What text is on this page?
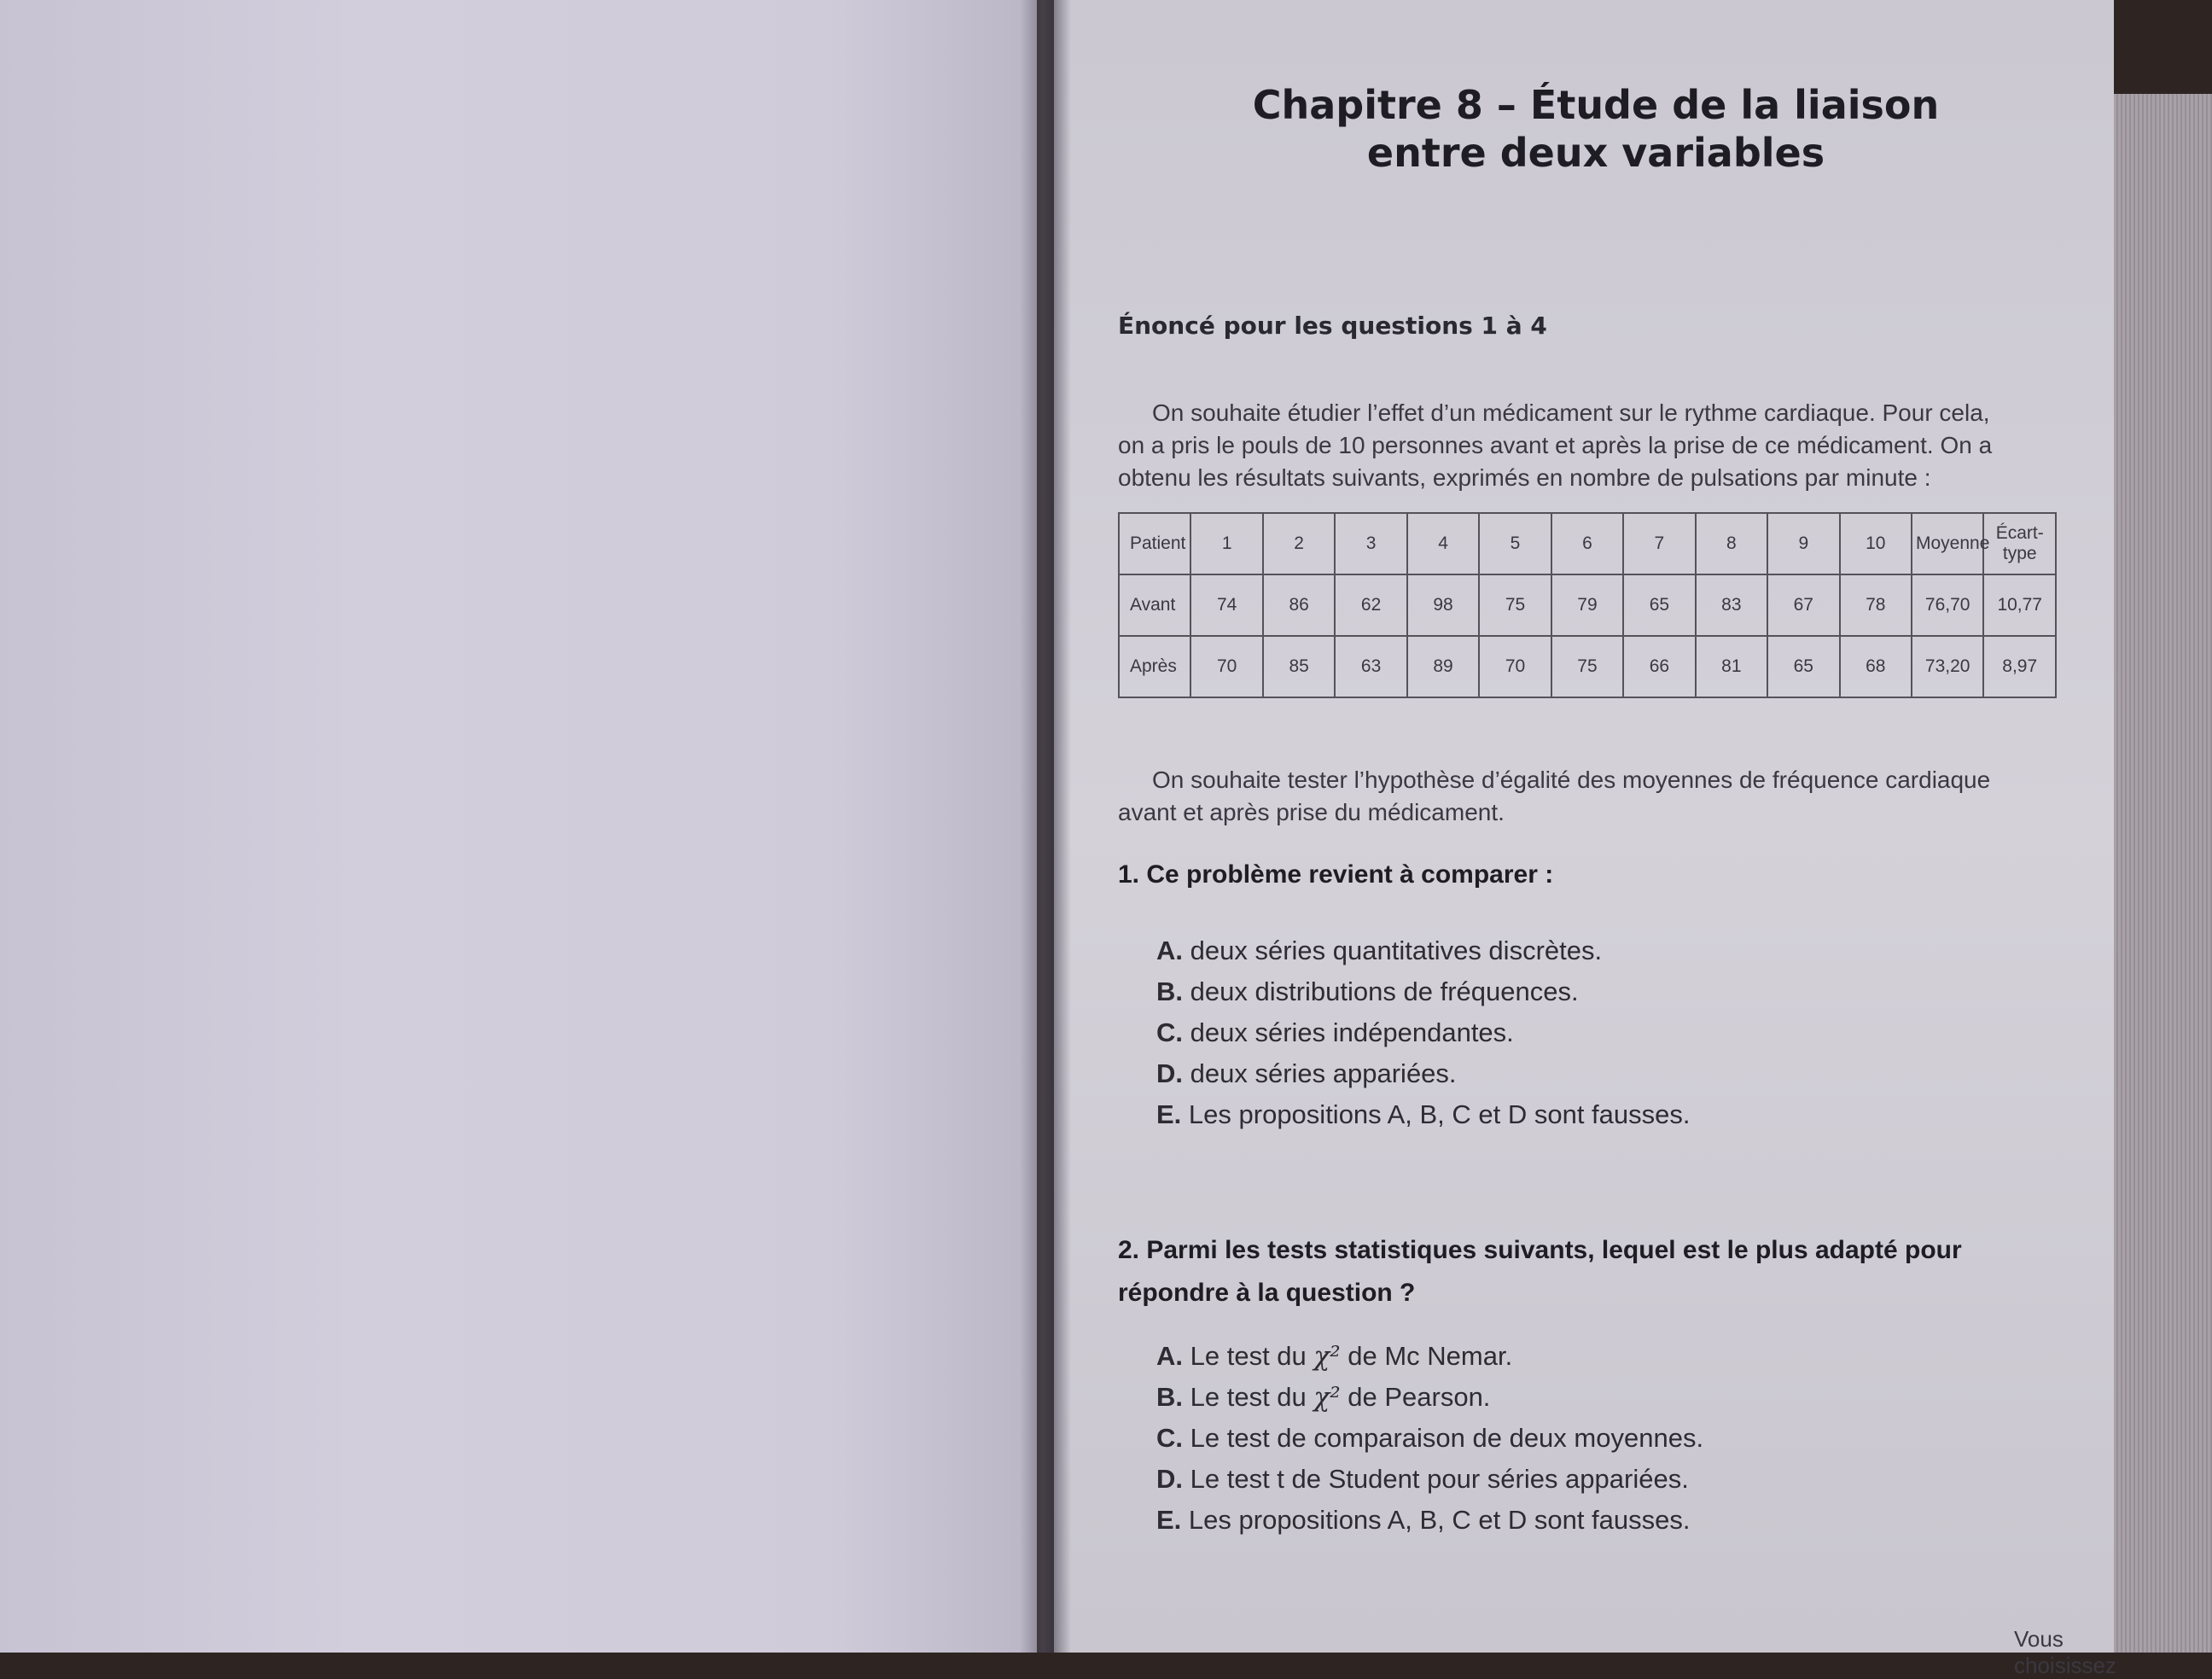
Chapitre 8 – Étude de la liaison
entre deux variables
Énoncé pour les questions 1 à 4

On souhaite étudier l’effet d’un médicament sur le rythme cardiaque. Pour cela, on a pris le pouls de 10 personnes avant et après la prise de ce médicament. On a obtenu les résultats suivants, exprimés en nombre de pulsations par minute :

Patient	1	2	3	4	5	6	7	8	9	10	Moyenne	Écart-type
Avant	74	86	62	98	75	79	65	83	67	78	76,70	10,77
Après	70	85	63	89	70	75	66	81	65	68	73,20	8,97

On souhaite tester l’hypothèse d’égalité des moyennes de fréquence cardiaque avant et après prise du médicament.

1. Ce problème revient à comparer :

A. deux séries quantitatives discrètes.
B. deux distributions de fréquences.
C. deux séries indépendantes.
D. deux séries appariées.
E. Les propositions A, B, C et D sont fausses.

2. Parmi les tests statistiques suivants, lequel est le plus adapté pour répondre à la question ?

A. Le test du χ² de Mc Nemar.
B. Le test du χ² de Pearson.
C. Le test de comparaison de deux moyennes.
D. Le test t de Student pour séries appariées.
E. Les propositions A, B, C et D sont fausses.
Vous choisissez
